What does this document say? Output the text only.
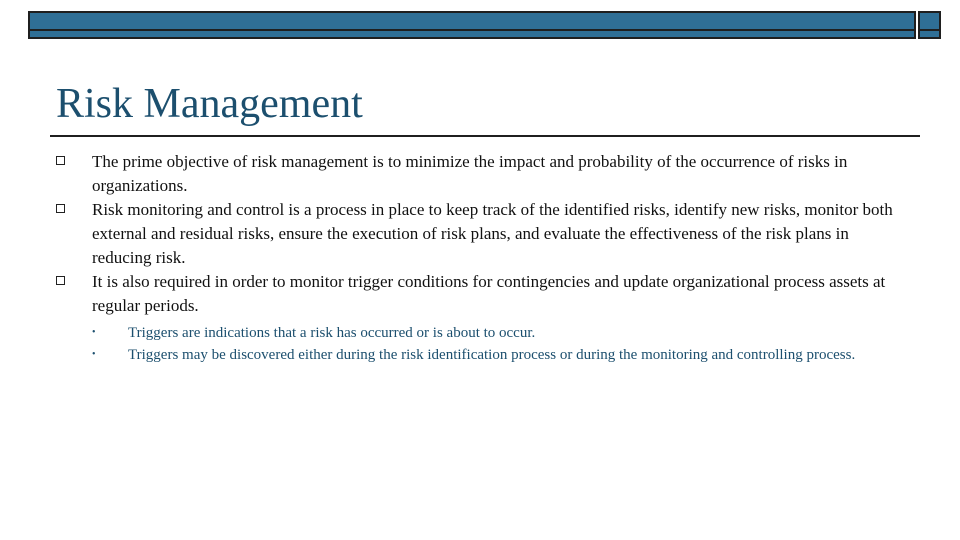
Risk Management
The prime objective of risk management is to minimize the impact and probability of the occurrence of risks in organizations.
Risk monitoring and control is a process in place to keep track of the identified risks, identify new risks, monitor both external and residual risks, ensure the execution of risk plans, and evaluate the effectiveness of the risk plans in reducing risk.
It is also required in order to monitor trigger conditions for contingencies and update organizational process assets at regular periods.
• Triggers are indications that a risk has occurred or is about to occur.
• Triggers may be discovered either during the risk identification process or during the monitoring and controlling process.
